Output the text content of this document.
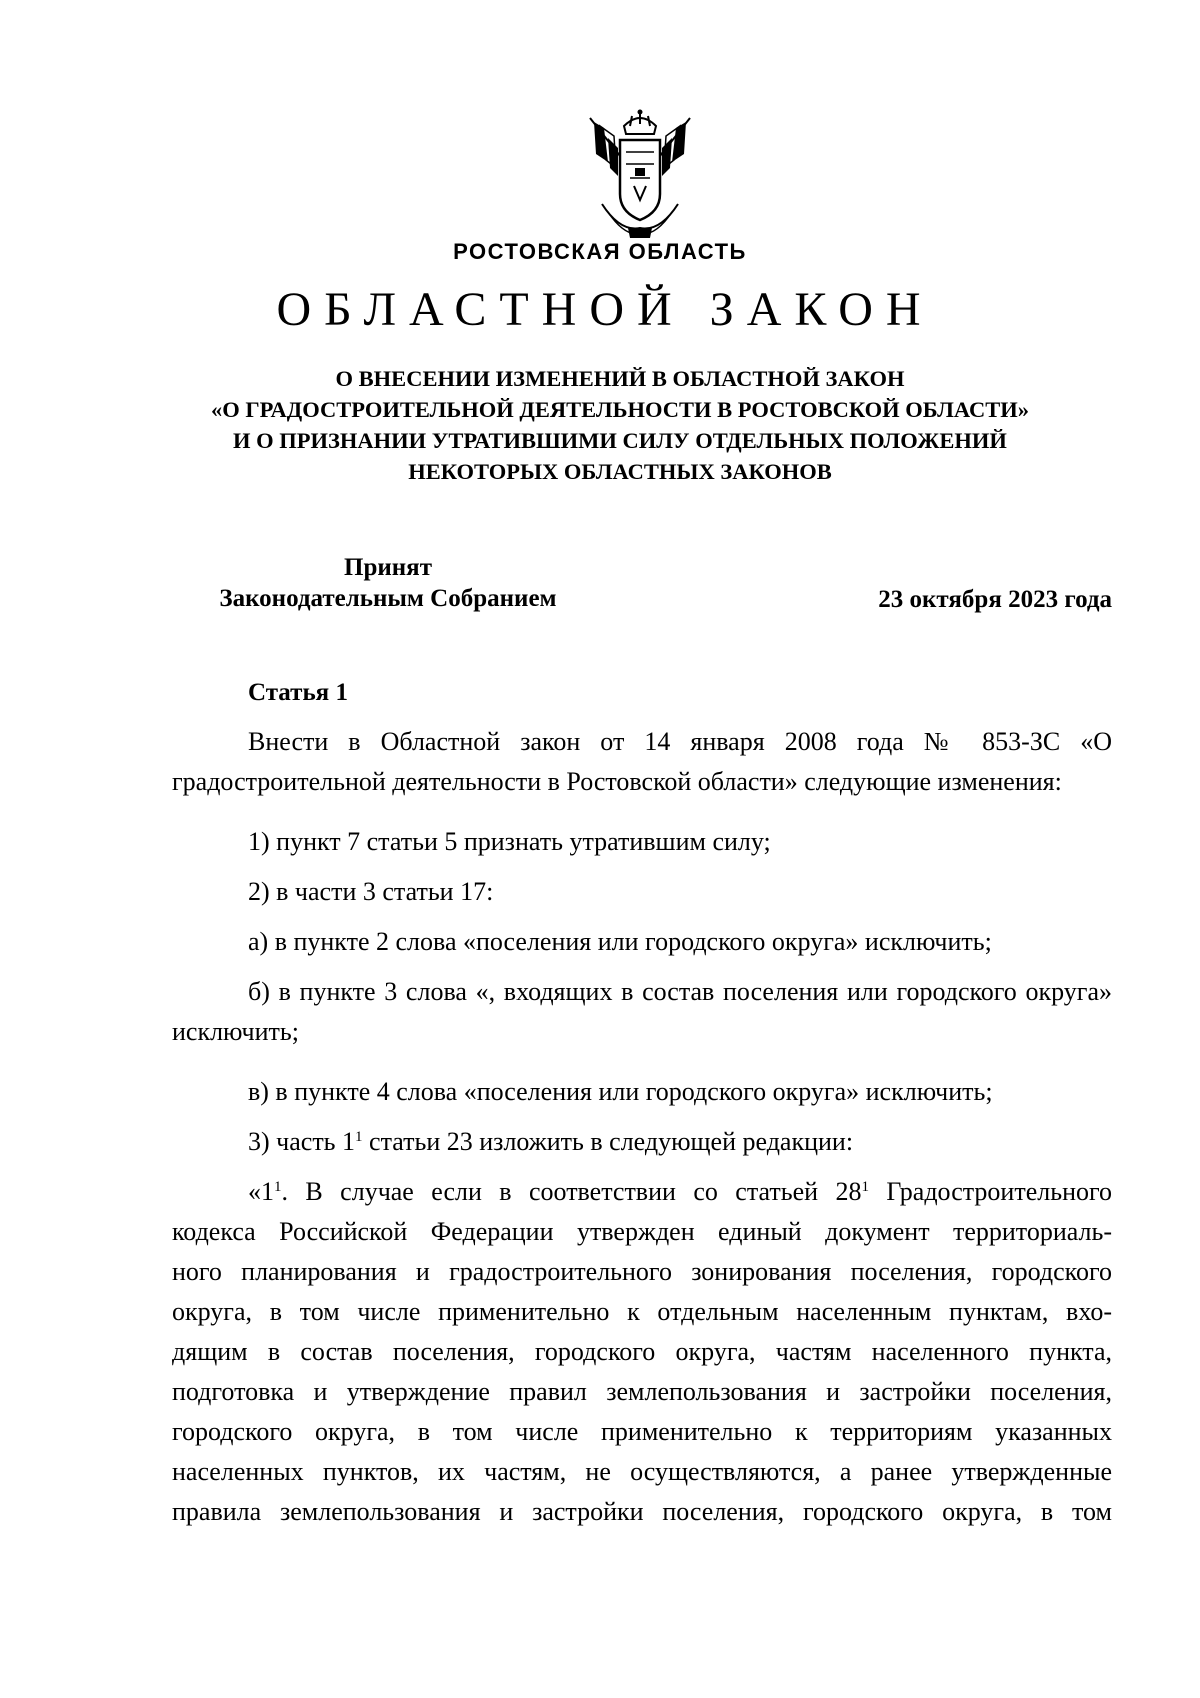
РОСТОВСКАЯ ОБЛАСТЬ
ОБЛАСТНОЙ ЗАКОН
О ВНЕСЕНИИ ИЗМЕНЕНИЙ В ОБЛАСТНОЙ ЗАКОН
«О ГРАДОСТРОИТЕЛЬНОЙ ДЕЯТЕЛЬНОСТИ В РОСТОВСКОЙ ОБЛАСТИ»
И О ПРИЗНАНИИ УТРАТИВШИМИ СИЛУ ОТДЕЛЬНЫХ ПОЛОЖЕНИЙ
НЕКОТОРЫХ ОБЛАСТНЫХ ЗАКОНОВ
Принят
Законодательным Собранием	23 октября 2023 года
Статья 1
Внести в Областной закон от 14 января 2008 года № 853-ЗС «О градостроительной деятельности в Ростовской области» следующие изменения:
1) пункт 7 статьи 5 признать утратившим силу;
2) в части 3 статьи 17:
а) в пункте 2 слова «поселения или городского округа» исключить;
б) в пункте 3 слова «, входящих в состав поселения или городского округа» исключить;
в) в пункте 4 слова «поселения или городского округа» исключить;
3) часть $1^1$ статьи 23 изложить в следующей редакции:
«$1^1$. В случае если в соответствии со статьей $28^1$ Градостроительного
кодекса Российской Федерации утвержден единый документ территориаль-
ного планирования и градостроительного зонирования поселения, городского
округа, в том числе применительно к отдельным населенным пунктам, вхо-
дящим в состав поселения, городского округа, частям населенного пункта,
подготовка и утверждение правил землепользования и застройки поселения,
городского округа, в том числе применительно к территориям указанных
населенных пунктов, их частям, не осуществляются, а ранее утвержденные
правила землепользования и застройки поселения, городского округа, в том
